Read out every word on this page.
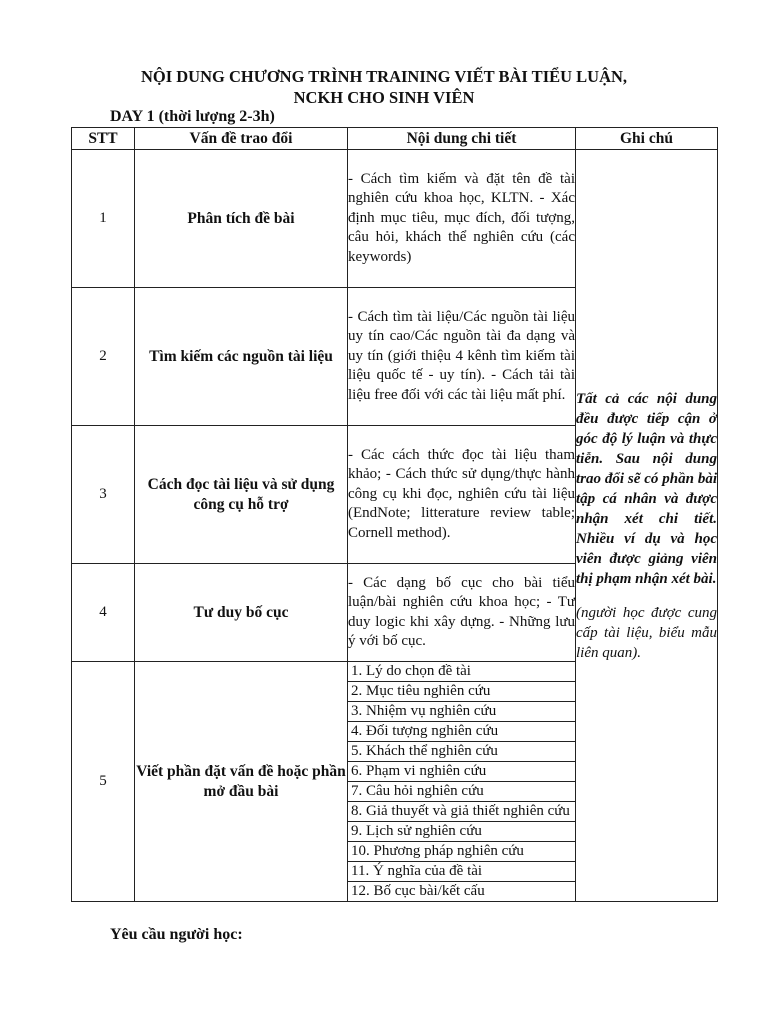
NỘI DUNG CHƯƠNG TRÌNH TRAINING VIẾT BÀI TIỂU LUẬN,
NCKH CHO SINH VIÊN
DAY 1 (thời lượng 2-3h)
STT	Vấn đề trao đổi	Nội dung chi tiết	Ghi chú
1	Phân tích đề bài	- Cách tìm kiếm và đặt tên đề tài nghiên cứu khoa học, KLTN. - Xác định mục tiêu, mục đích, đối tượng, câu hỏi, khách thể nghiên cứu (các keywords)	
Tất cả các nội dung đều được tiếp cận ở góc độ lý luận và thực tiễn. Sau nội dung trao đổi sẽ có phần bài tập cá nhân và được nhận xét chi tiết. Nhiều ví dụ và học viên được giảng viên thị phạm nhận xét bài.
(người học được cung cấp tài liệu, biểu mẫu liên quan).

2	Tìm kiếm các nguồn tài liệu	- Cách tìm tài liệu/Các nguồn tài liệu uy tín cao/Các nguồn tài đa dạng và uy tín (giới thiệu 4 kênh tìm kiếm tài liệu quốc tế - uy tín). - Cách tải tài liệu free đối với các tài liệu mất phí.
3	Cách đọc tài liệu và sử dụng công cụ hỗ trợ	- Các cách thức đọc tài liệu tham khảo; - Cách thức sử dụng/thực hành công cụ khi đọc, nghiên cứu tài liệu (EndNote; litterature review table; Cornell method).
4	Tư duy bố cục	- Các dạng bố cục cho bài tiểu luận/bài nghiên cứu khoa học; - Tư duy logic khi xây dựng. - Những lưu ý với bố cục.
5	Viết phần đặt vấn đề hoặc phần mở đầu bài	
1. Lý do chọn đề tài
2. Mục tiêu nghiên cứu
3. Nhiệm vụ nghiên cứu
4. Đối tượng nghiên cứu
5. Khách thể nghiên cứu
6. Phạm vi nghiên cứu
7. Câu hỏi nghiên cứu
8. Giả thuyết và giả thiết nghiên cứu
9. Lịch sử nghiên cứu
10. Phương pháp nghiên cứu
11. Ý nghĩa của đề tài
12. Bố cục bài/kết cấu
Yêu cầu người học:
